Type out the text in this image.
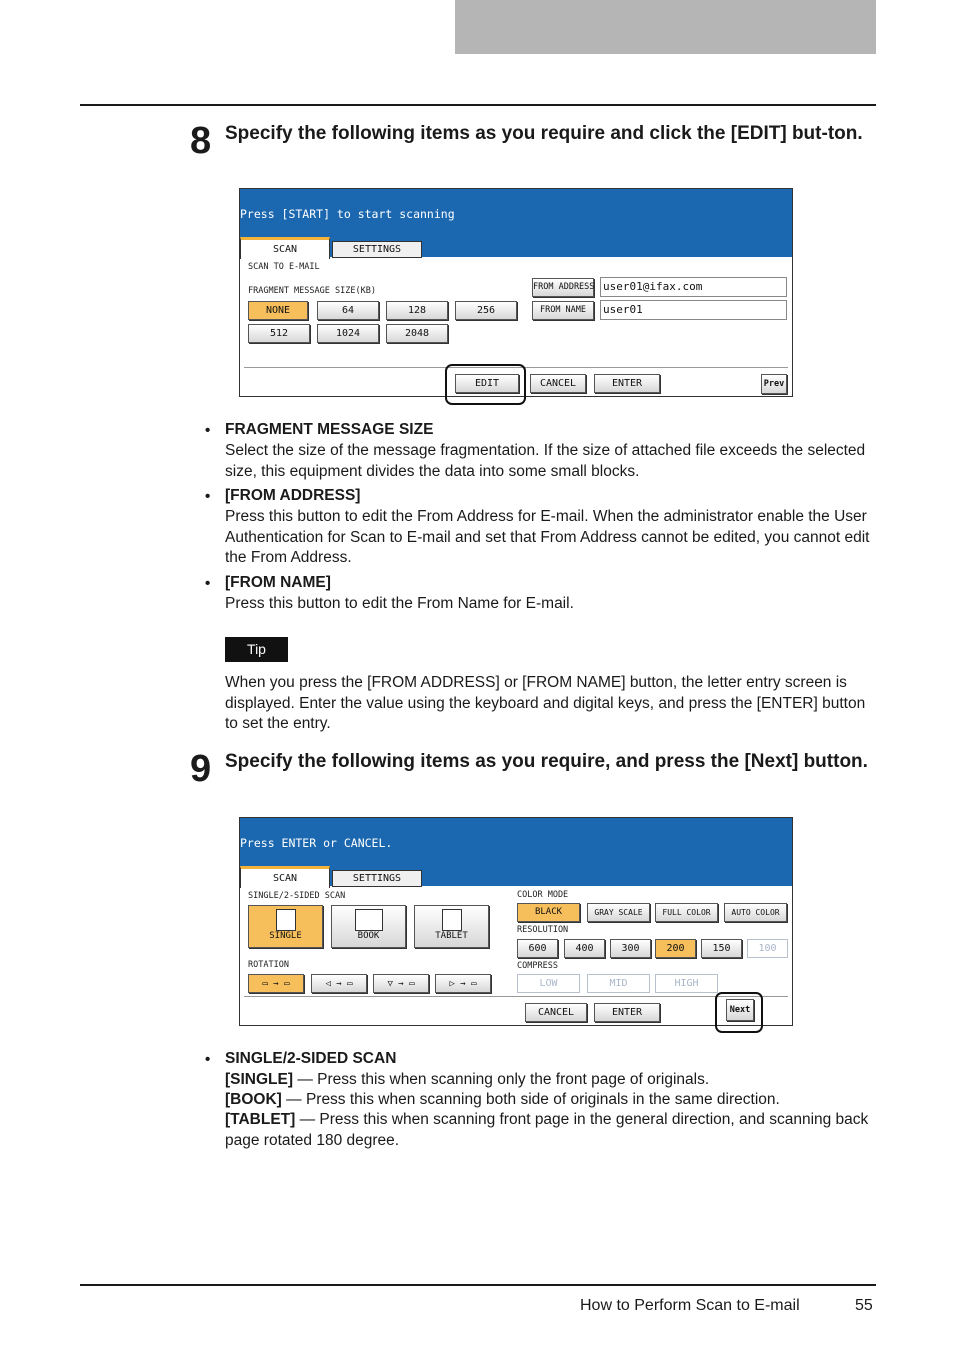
8 Specify the following items as you require and click the [EDIT] but-ton.
Press [START] to start scanning
SCAN	SETTINGS
SCAN TO E-MAIL
FRAGMENT MESSAGE SIZE(KB)
NONE	64	128	256
512	1024	2048
FROM ADDRESS user01@ifax.com
FROM NAME	user01
EDIT	CANCEL	ENTER	Prev
• FRAGMENT MESSAGE SIZE
Select the size of the message fragmentation. If the size of attached file exceeds the selected size, this equipment divides the data into some small blocks.
• [FROM ADDRESS]
Press this button to edit the From Address for E-mail. When the administrator enable the User Authentication for Scan to E-mail and set that From Address cannot be edited, you cannot edit the From Address.
• [FROM NAME]
Press this button to edit the From Name for E-mail.
Tip
When you press the [FROM ADDRESS] or [FROM NAME] button, the letter entry screen is displayed. Enter the value using the keyboard and digital keys, and press the [ENTER] button to set the entry.
9 Specify the following items as you require, and press the [Next] button.
Press ENTER or CANCEL.
SCAN	SETTINGS
SINGLE/2-SIDED SCAN
SINGLE	BOOK	TABLET
ROTATION
▭ → ▭	◁ → ▭	▽ → ▭	▷ → ▭
COLOR MODE
BLACK	GRAY SCALE	FULL COLOR	AUTO COLOR
RESOLUTION
600	400	300	200	150	100
COMPRESS
LOW	MID	HIGH
CANCEL	ENTER	Next
• SINGLE/2-SIDED SCAN
[SINGLE] — Press this when scanning only the front page of originals.
[BOOK] — Press this when scanning both side of originals in the same direction.
[TABLET] — Press this when scanning front page in the general direction, and scanning back page rotated 180 degree.
How to Perform Scan to E-mail	55
